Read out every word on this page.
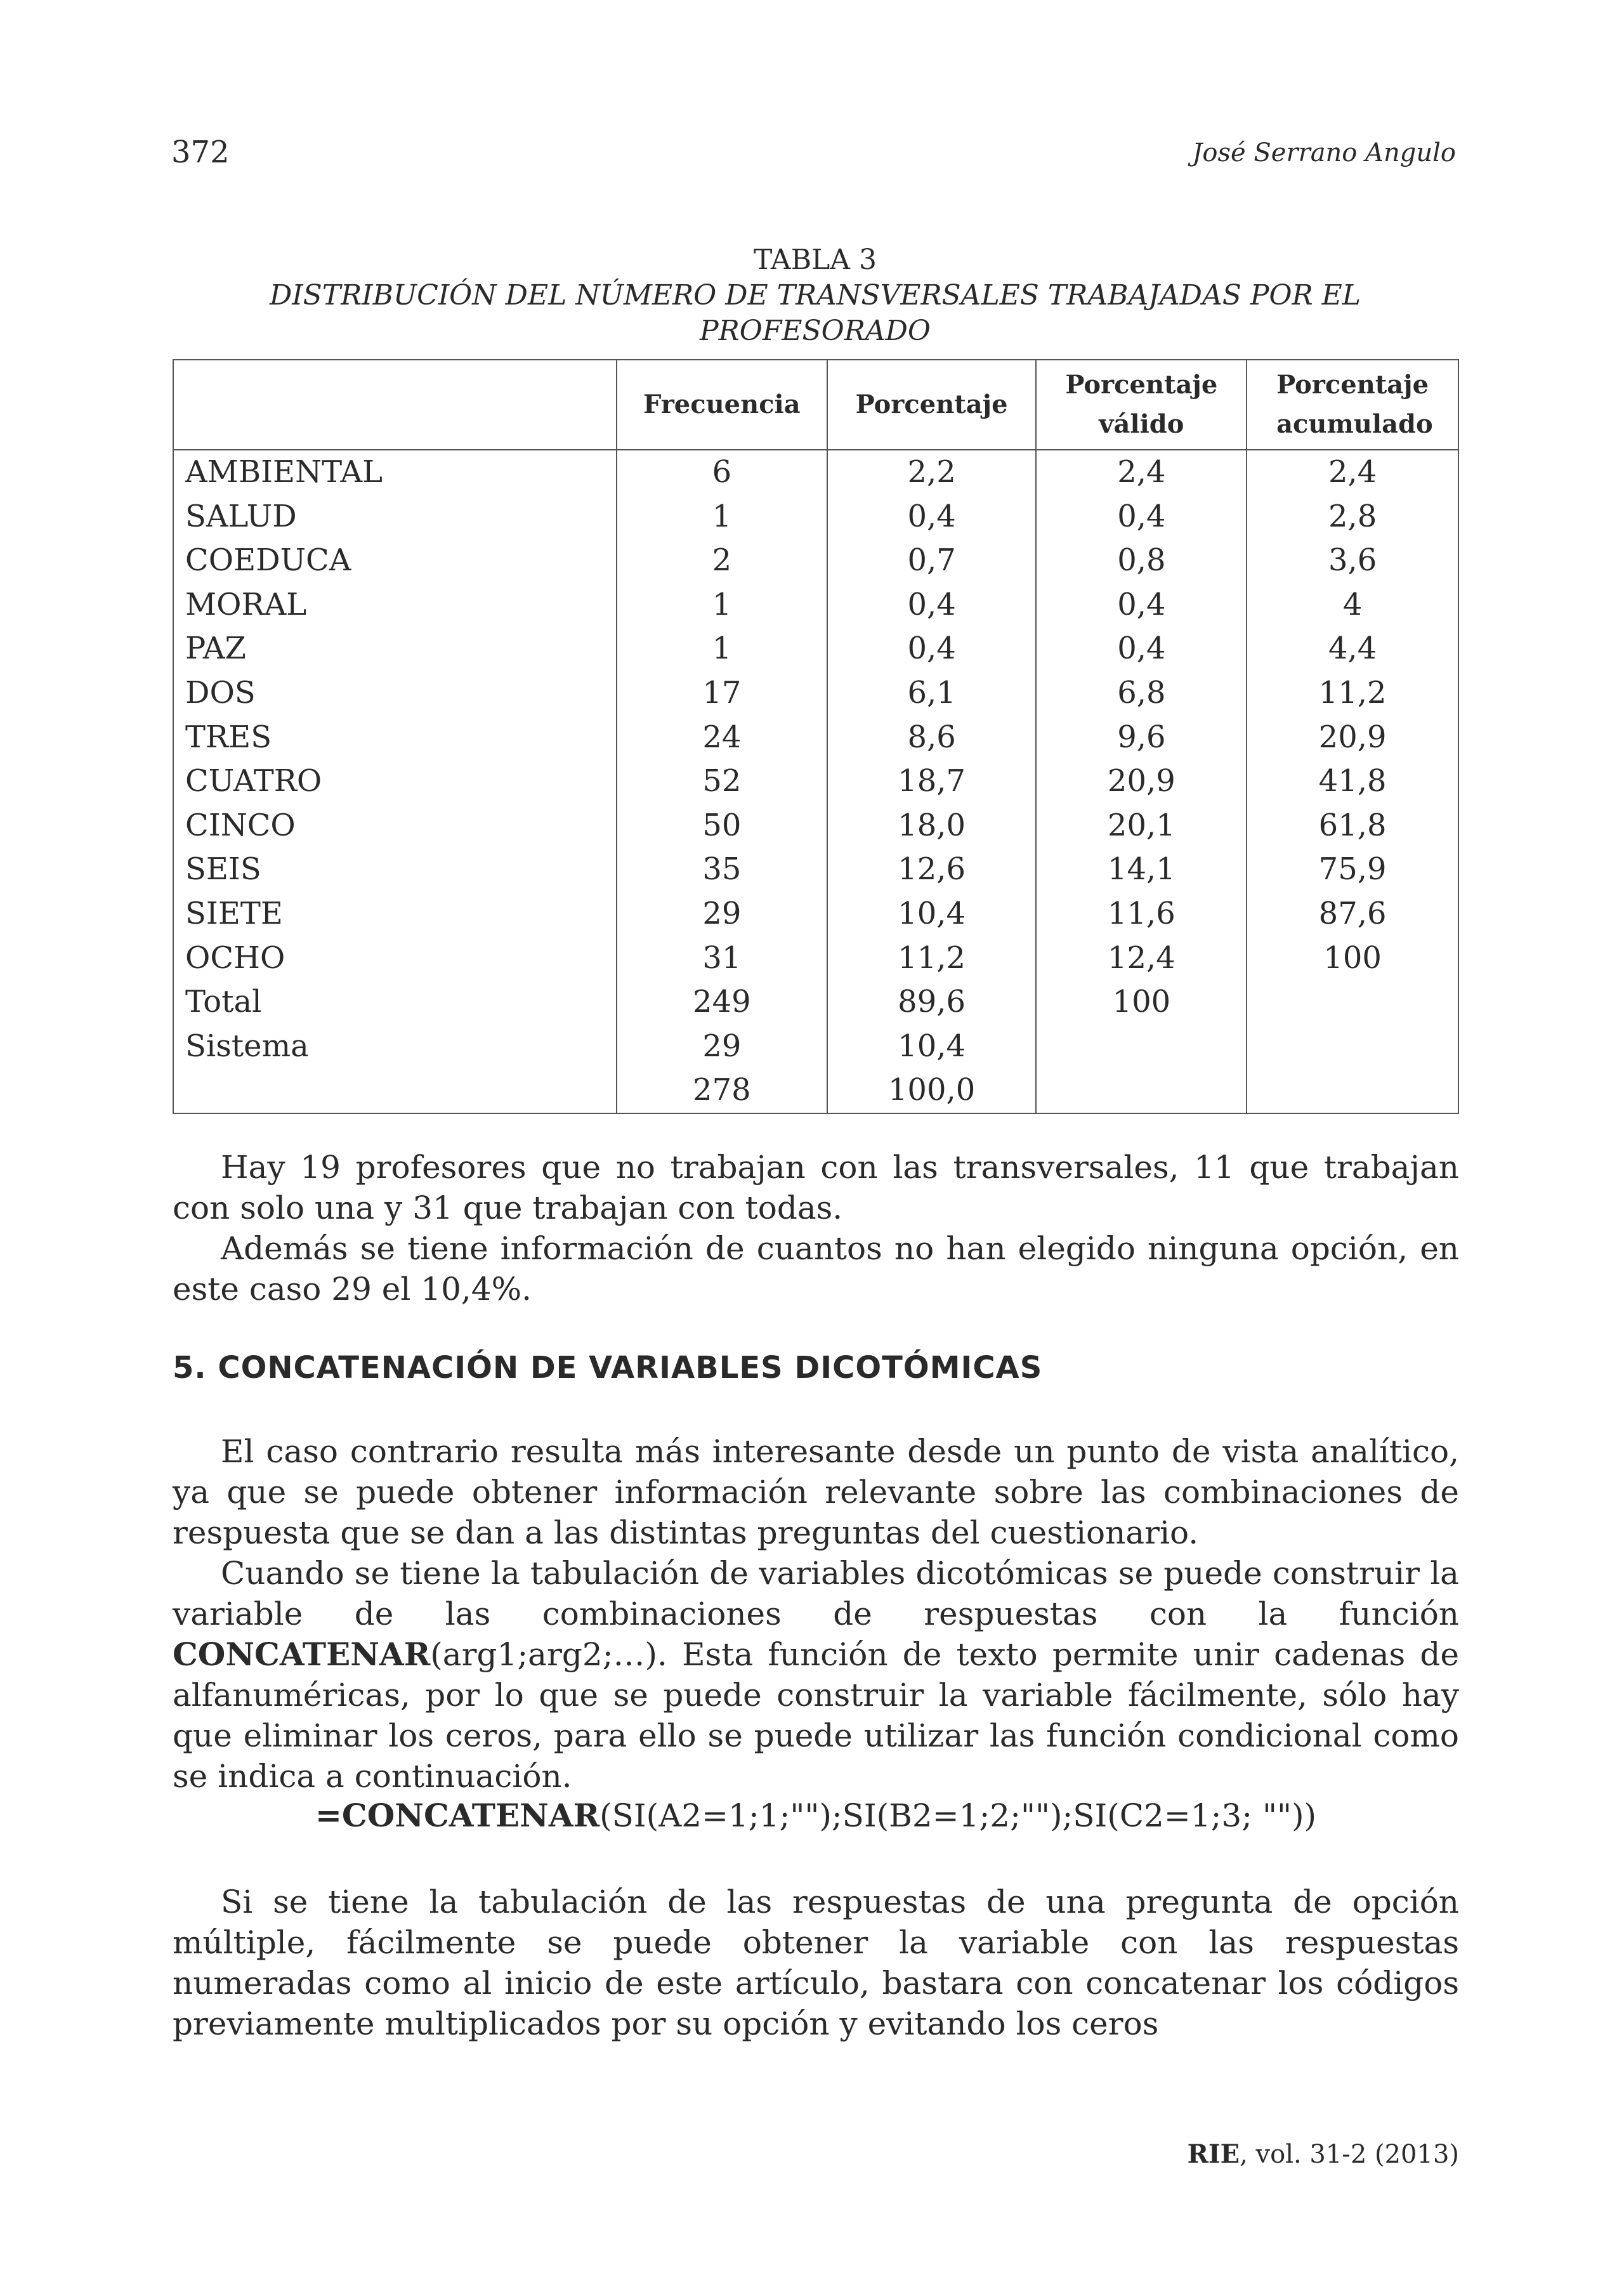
372	José Serrano Angulo
TABLA 3
DISTRIBUCIÓN DEL NÚMERO DE TRANSVERSALES TRABAJADAS POR EL
PROFESORADO
	Frecuencia	Porcentaje	Porcentaje válido	Porcentaje acumulado
AMBIENTAL	6	2,2	2,4	2,4
SALUD	1	0,4	0,4	2,8
COEDUCA	2	0,7	0,8	3,6
MORAL	1	0,4	0,4	4
PAZ	1	0,4	0,4	4,4
DOS	17	6,1	6,8	11,2
TRES	24	8,6	9,6	20,9
CUATRO	52	18,7	20,9	41,8
CINCO	50	18,0	20,1	61,8
SEIS	35	12,6	14,1	75,9
SIETE	29	10,4	11,6	87,6
OCHO	31	11,2	12,4	100
Total	249	89,6	100	
Sistema	29	10,4		
	278	100,0		
Hay 19 profesores que no trabajan con las transversales, 11 que trabajan con solo una y 31 que trabajan con todas.
Además se tiene información de cuantos no han elegido ninguna opción, en este caso 29 el 10,4%.
5. CONCATENACIÓN DE VARIABLES DICOTÓMICAS
El caso contrario resulta más interesante desde un punto de vista analítico, ya que se puede obtener información relevante sobre las combinaciones de respuesta que se dan a las distintas preguntas del cuestionario.
Cuando se tiene la tabulación de variables dicotómicas se puede construir la variable de las combinaciones de respuestas con la función CONCATENAR(arg1;arg2;…). Esta función de texto permite unir cadenas de alfanuméricas, por lo que se puede construir la variable fácilmente, sólo hay que eliminar los ceros, para ello se puede utilizar las función condicional como se indica a continuación.
=CONCATENAR(SI(A2=1;1;"");SI(B2=1;2;"");SI(C2=1;3; ""))
Si se tiene la tabulación de las respuestas de una pregunta de opción múltiple, fácilmente se puede obtener la variable con las respuestas numeradas como al inicio de este artículo, bastara con concatenar los códigos previamente multiplicados por su opción y evitando los ceros
RIE, vol. 31-2 (2013)
